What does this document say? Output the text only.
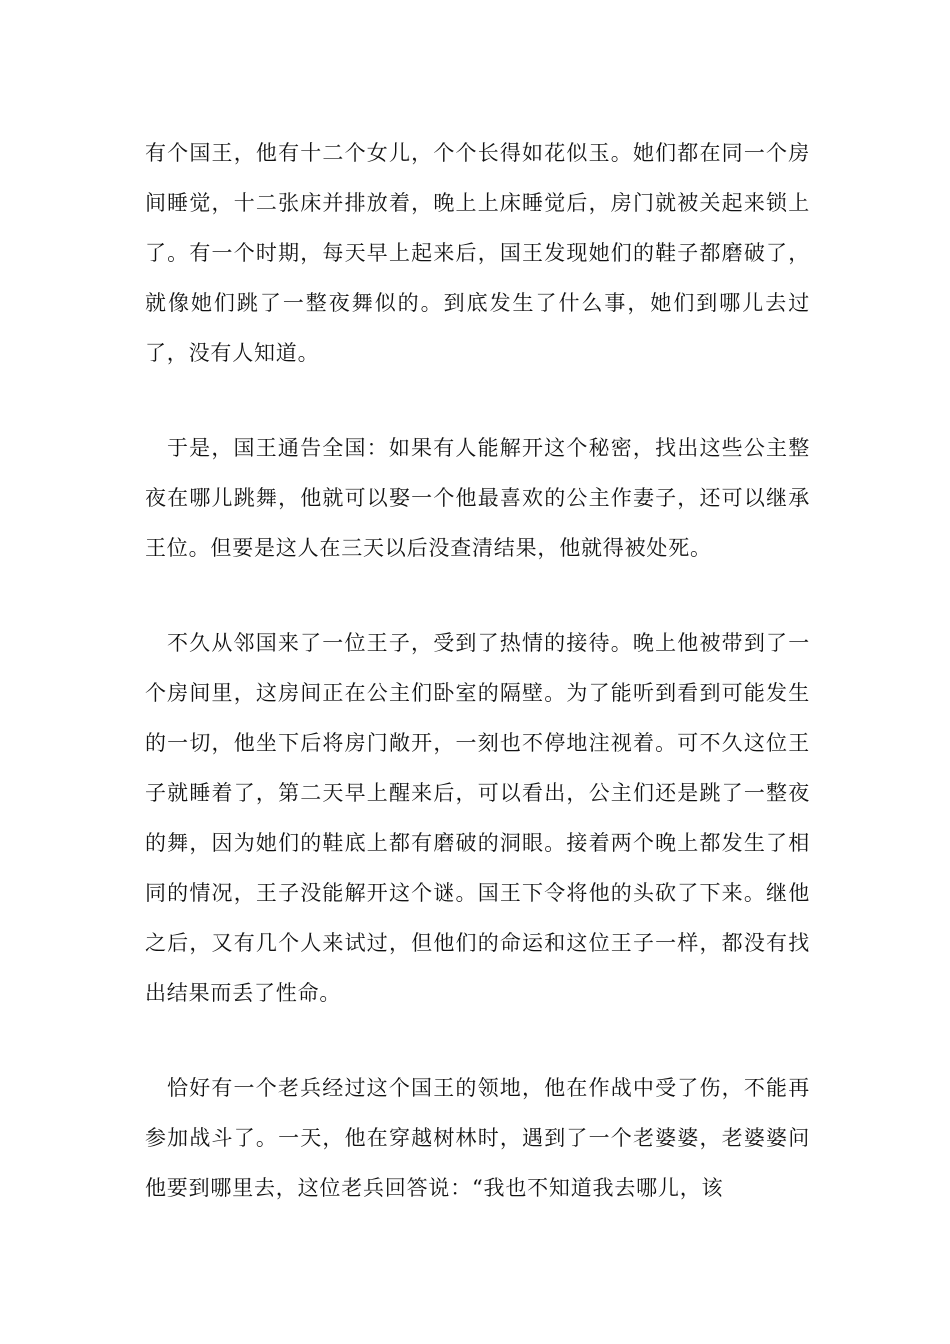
有个国王，他有十二个女儿，个个长得如花似玉。她们都在同一个房间睡觉，十二张床并排放着，晚上上床睡觉后，房门就被关起来锁上了。有一个时期，每天早上起来后，国王发现她们的鞋子都磨破了，就像她们跳了一整夜舞似的。到底发生了什么事，她们到哪儿去过了，没有人知道。

于是，国王通告全国：如果有人能解开这个秘密，找出这些公主整夜在哪儿跳舞，他就可以娶一个他最喜欢的公主作妻子，还可以继承王位。但要是这人在三天以后没查清结果，他就得被处死。

不久从邻国来了一位王子，受到了热情的接待。晚上他被带到了一个房间里，这房间正在公主们卧室的隔壁。为了能听到看到可能发生的一切，他坐下后将房门敞开，一刻也不停地注视着。可不久这位王子就睡着了，第二天早上醒来后，可以看出，公主们还是跳了一整夜的舞，因为她们的鞋底上都有磨破的洞眼。接着两个晚上都发生了相同的情况，王子没能解开这个谜。国王下令将他的头砍了下来。继他之后，又有几个人来试过，但他们的命运和这位王子一样，都没有找出结果而丢了性命。

恰好有一个老兵经过这个国王的领地，他在作战中受了伤，不能再参加战斗了。一天，他在穿越树林时，遇到了一个老婆婆，老婆婆问他要到哪里去，这位老兵回答说：“我也不知道我去哪儿，该
